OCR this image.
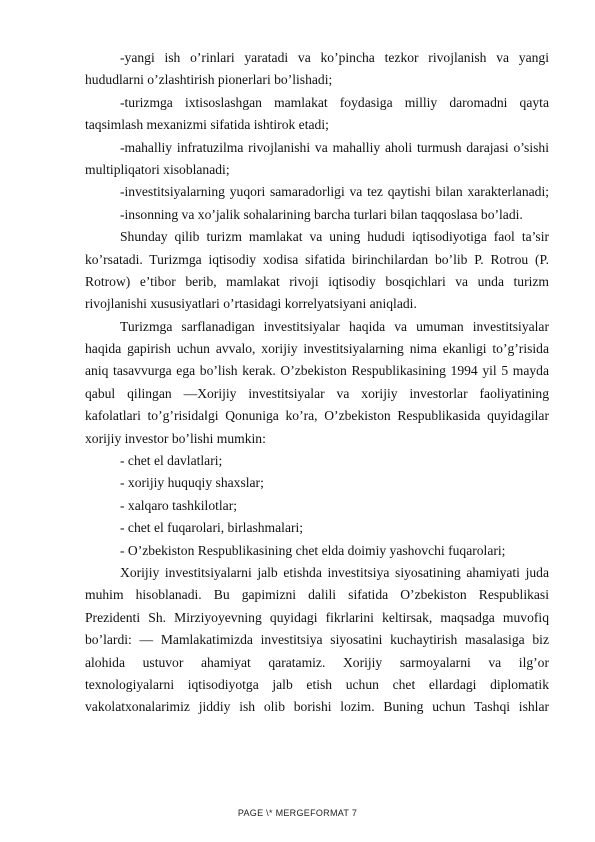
-yangi ish o’rinlari yaratadi va ko’pincha tezkor rivojlanish va yangi
hududlarni o’zlashtirish pionerlari bo’lishadi;
-turizmga ixtisoslashgan mamlakat foydasiga milliy daromadni qayta
taqsimlash mexanizmi sifatida ishtirok etadi;
-mahalliy infratuzilma rivojlanishi va mahalliy aholi turmush darajasi o’sishi
multipliqatori xisoblanadi;
-investitsiyalarning yuqori samaradorligi va tez qaytishi bilan xarakterlanadi;
-insonning va xo’jalik sohalarining barcha turlari bilan taqqoslasa bo’ladi.
Shunday qilib turizm mamlakat va uning hududi iqtisodiyotiga faol ta’sir
ko’rsatadi. Turizmga iqtisodiy xodisa sifatida birinchilardan bo’lib P. Rotrou (P.
Rotrow) e’tibor berib, mamlakat rivoji iqtisodiy bosqichlari va unda turizm
rivojlanishi xususiyatlari o’rtasidagi korrelyatsiyani aniqladi.
Turizmga sarflanadigan investitsiyalar haqida va umuman investitsiyalar
haqida gapirish uchun avvalo, xorijiy investitsiyalarning nima ekanligi to’g’risida
aniq tasavvurga ega bo’lish kerak. O’zbekiston Respublikasining 1994 yil 5 mayda
qabul qilingan ―Xorijiy investitsiyalar va xorijiy investorlar faoliyatining
kafolatlari to’g’risida‖gi Qonuniga ko’ra, O’zbekiston Respublikasida quyidagilar
xorijiy investor bo’lishi mumkin:
- chet el davlatlari;
- xorijiy huquqiy shaxslar;
- xalqaro tashkilotlar;
- chet el fuqarolari, birlashmalari;
- O’zbekiston Respublikasining chet elda doimiy yashovchi fuqarolari;
Xorijiy investitsiyalarni jalb etishda investitsiya siyosatining ahamiyati juda
muhim hisoblanadi. Bu gapimizni dalili sifatida O’zbekiston Respublikasi
Prezidenti Sh. Mirziyoyevning quyidagi fikrlarini keltirsak, maqsadga muvofiq
bo’lardi: — Mamlakatimizda investitsiya siyosatini kuchaytirish masalasiga biz
alohida ustuvor ahamiyat qaratamiz. Xorijiy sarmoyalarni va ilg’or
texnologiyalarni iqtisodiyotga jalb etish uchun chet ellardagi diplomatik
vakolatxonalarimiz jiddiy ish olib borishi lozim. Buning uchun Tashqi ishlar
PAGE \* MERGEFORMAT 7
